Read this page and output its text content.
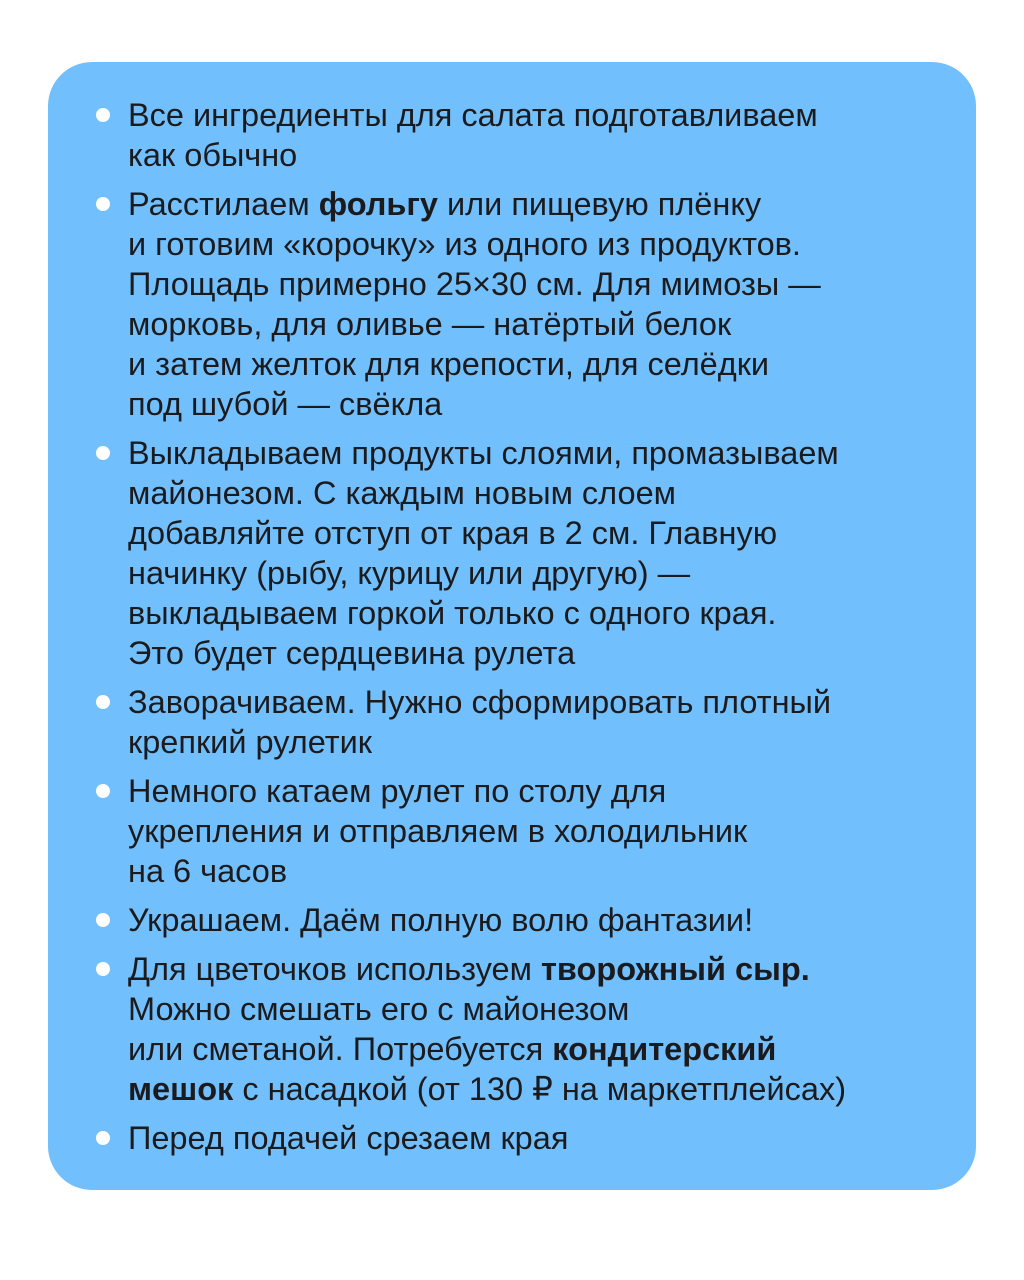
Все ингредиенты для салата подготавливаем
как обычно
Расстилаем фольгу или пищевую плёнку
и готовим «корочку» из одного из продуктов.
Площадь примерно 25×30 см. Для мимозы —
морковь, для оливье — натёртый белок
и затем желток для крепости, для селёдки
под шубой — свёкла
Выкладываем продукты слоями, промазываем
майонезом. С каждым новым слоем
добавляйте отступ от края в 2 см. Главную
начинку (рыбу, курицу или другую) —
выкладываем горкой только с одного края.
Это будет сердцевина рулета
Заворачиваем. Нужно сформировать плотный
крепкий рулетик
Немного катаем рулет по столу для
укрепления и отправляем в холодильник
на 6 часов
Украшаем. Даём полную волю фантазии!
Для цветочков используем творожный сыр.
Можно смешать его с майонезом
или сметаной. Потребуется кондитерский
мешок с насадкой (от 130 ₽ на маркетплейсах)
Перед подачей срезаем края
